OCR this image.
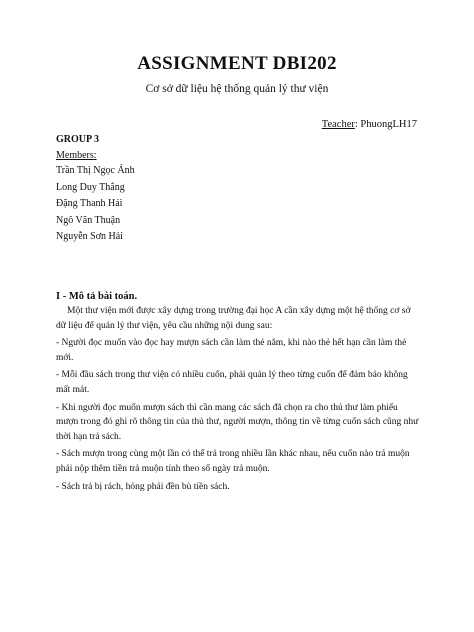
ASSIGNMENT DBI202
Cơ sở dữ liệu hệ thống quản lý thư viện
Teacher: PhuongLH17
GROUP 3
Members:
Trần Thị Ngọc Ánh
Long Duy Thắng
Đặng Thanh Hải
Ngô Văn Thuận
Nguyễn Sơn Hải
I - Mô tả bài toán.

Một thư viện mới được xây dựng trong trường đại học A cần xây dựng một hệ thống cơ sở dữ liệu để quản lý thư viện, yêu cầu những nội dung sau:

- Người đọc muốn vào đọc hay mượn sách cần làm thẻ năm, khi nào thẻ hết hạn cần làm thẻ mới.

- Mỗi đầu sách trong thư viện có nhiều cuốn, phải quản lý theo từng cuốn để đảm bảo không mất mát.

- Khi người đọc muốn mượn sách thì cần mang các sách đã chọn ra cho thủ thư làm phiếu mượn trong đó ghi rõ thông tin của thủ thư, người mượn, thông tin về từng cuốn sách cũng như thời hạn trả sách.

- Sách mượn trong cùng một lần có thể trả trong nhiều lần khác nhau, nếu cuốn nào trả muộn phải nộp thêm tiền trả muộn tính theo số ngày trả muộn.

- Sách trả bị rách, hỏng phải đền bù tiền sách.
